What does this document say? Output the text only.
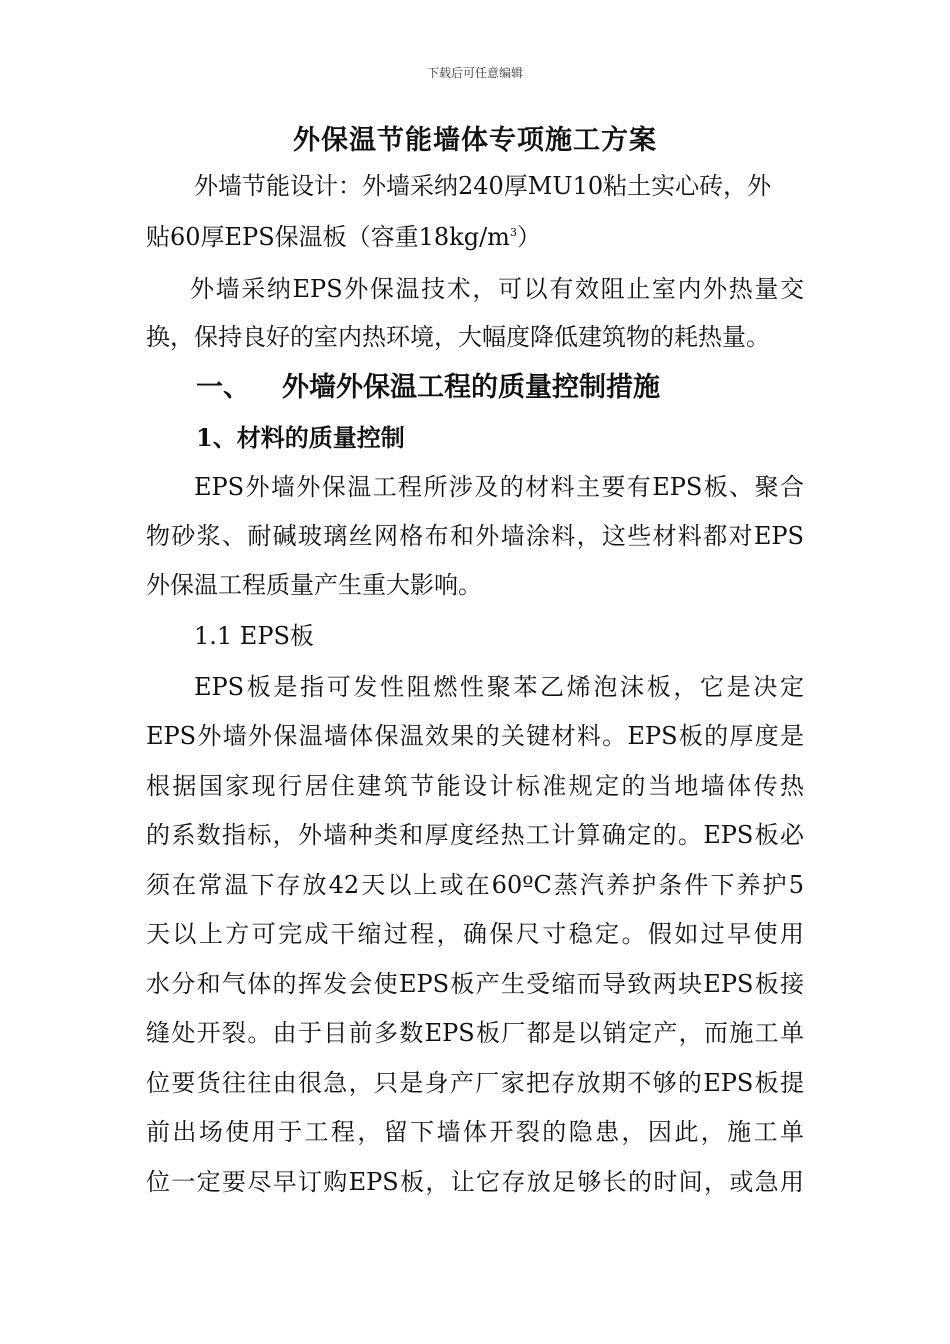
下载后可任意编辑
外保温节能墙体专项施工方案
外墙节能设计：外墙采纳240厚MU10粘土实心砖，外
贴60厚EPS保温板（容重$18kg/m^3$）
外墙采纳EPS外保温技术，可以有效阻止室内外热量交
换，保持良好的室内热环境，大幅度降低建筑物的耗热量。
一、 外墙外保温工程的质量控制措施
1、材料的质量控制
EPS外墙外保温工程所涉及的材料主要有EPS板、聚合
物砂浆、耐碱玻璃丝网格布和外墙涂料，这些材料都对EPS
外保温工程质量产生重大影响。
1.1 EPS板
EPS板是指可发性阻燃性聚苯乙烯泡沫板，它是决定
EPS外墙外保温墙体保温效果的关键材料。EPS板的厚度是
根据国家现行居住建筑节能设计标准规定的当地墙体传热
的系数指标，外墙种类和厚度经热工计算确定的。EPS板必
须在常温下存放42天以上或在60ºC蒸汽养护条件下养护5
天以上方可完成干缩过程，确保尺寸稳定。假如过早使用
水分和气体的挥发会使EPS板产生受缩而导致两块EPS板接
缝处开裂。由于目前多数EPS板厂都是以销定产，而施工单
位要货往往由很急，只是身产厂家把存放期不够的EPS板提
前出场使用于工程，留下墙体开裂的隐患，因此，施工单
位一定要尽早订购EPS板，让它存放足够长的时间，或急用
